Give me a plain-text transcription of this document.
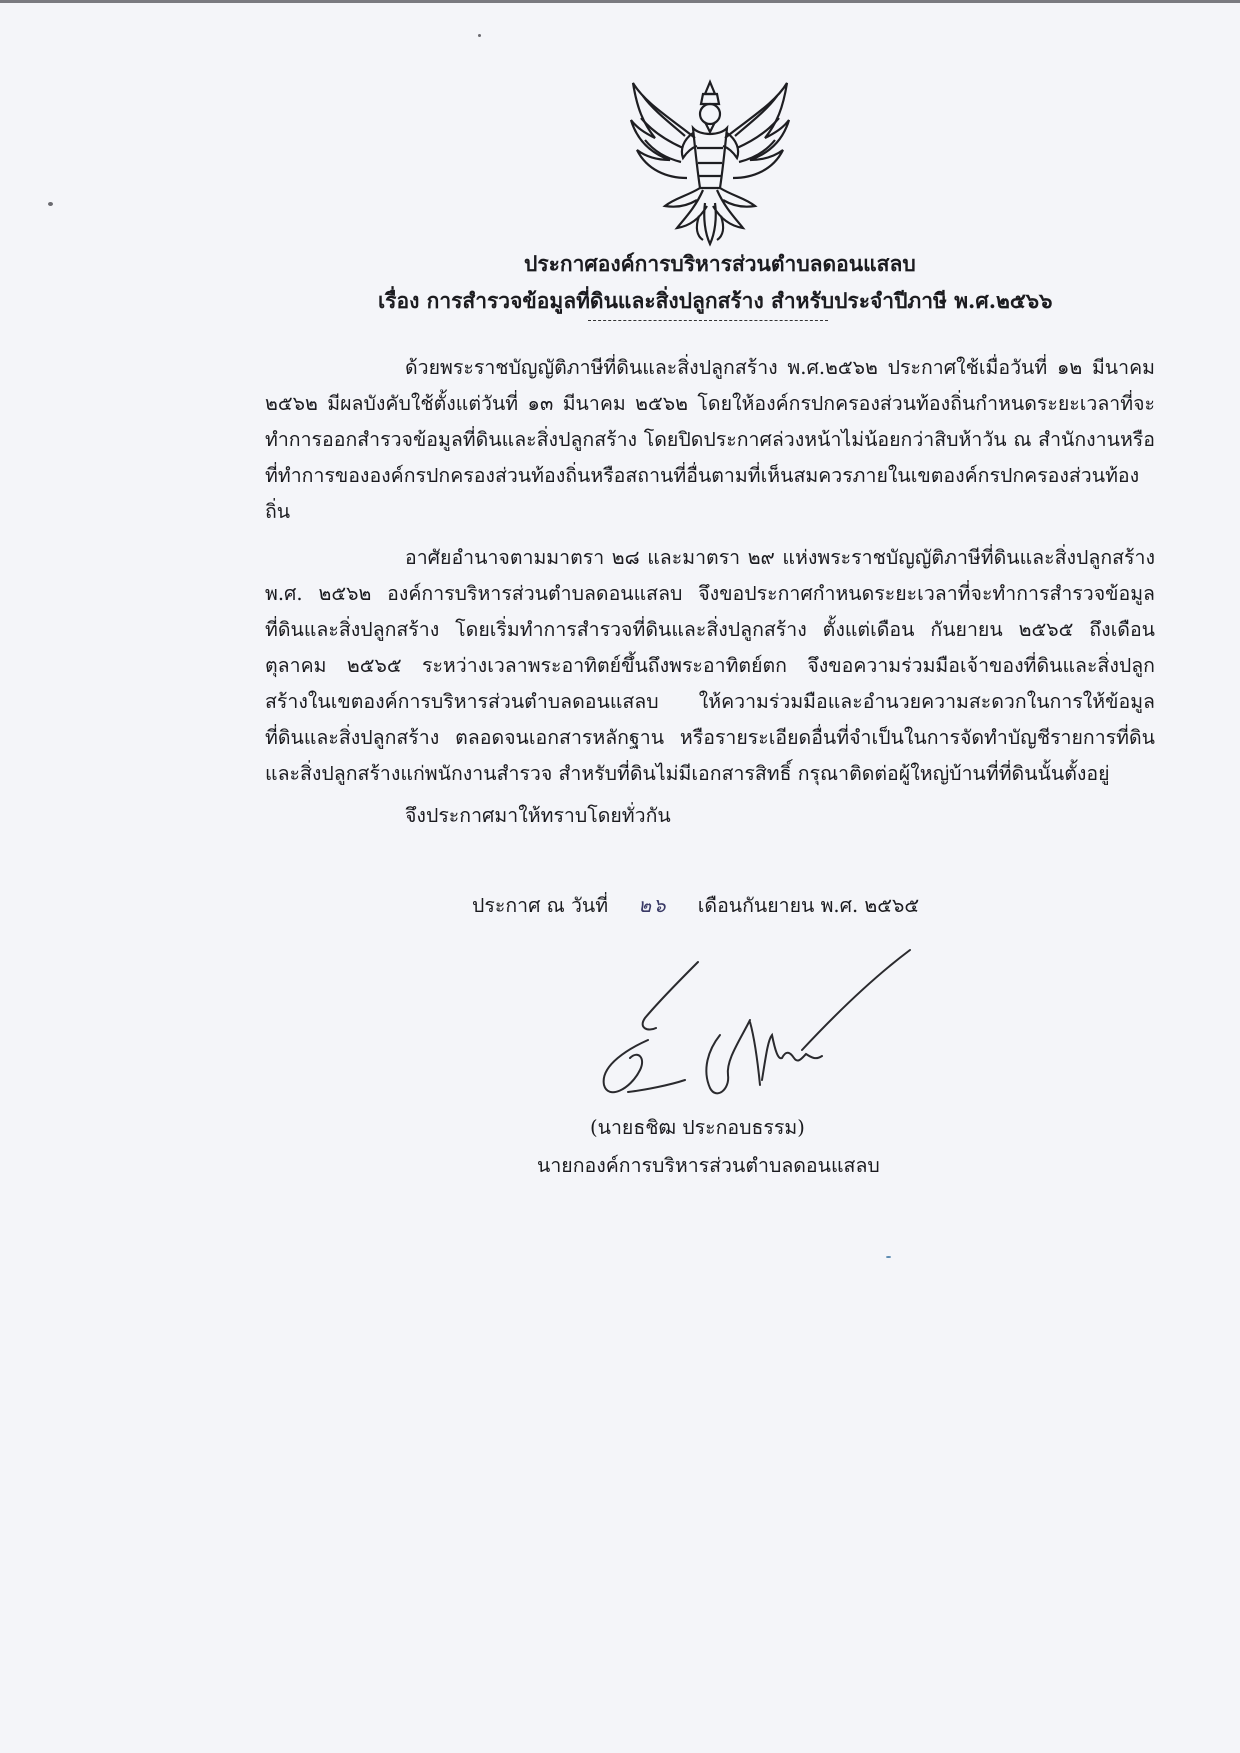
ประกาศองค์การบริหารส่วนตำบลดอนแสลบ
เรื่อง การสำรวจข้อมูลที่ดินและสิ่งปลูกสร้าง สำหรับประจำปีภาษี พ.ศ.๒๕๖๖
ด้วยพระราชบัญญัติภาษีที่ดินและสิ่งปลูกสร้าง พ.ศ.๒๕๖๒ ประกาศใช้เมื่อวันที่ ๑๒ มีนาคม ๒๕๖๒ มีผลบังคับใช้ตั้งแต่วันที่ ๑๓ มีนาคม ๒๕๖๒ โดยให้องค์กรปกครองส่วนท้องถิ่นกำหนดระยะเวลาที่จะทำการออกสำรวจข้อมูลที่ดินและสิ่งปลูกสร้าง โดยปิดประกาศล่วงหน้าไม่น้อยกว่าสิบห้าวัน ณ สำนักงานหรือที่ทำการขององค์กรปกครองส่วนท้องถิ่นหรือสถานที่อื่นตามที่เห็นสมควรภายในเขตองค์กรปกครองส่วนท้องถิ่น
อาศัยอำนาจตามมาตรา ๒๘ และมาตรา ๒๙ แห่งพระราชบัญญัติภาษีที่ดินและสิ่งปลูกสร้าง พ.ศ. ๒๕๖๒ องค์การบริหารส่วนตำบลดอนแสลบ จึงขอประกาศกำหนดระยะเวลาที่จะทำการสำรวจข้อมูลที่ดินและสิ่งปลูกสร้าง โดยเริ่มทำการสำรวจที่ดินและสิ่งปลูกสร้าง ตั้งแต่เดือน กันยายน ๒๕๖๕ ถึงเดือนตุลาคม ๒๕๖๕ ระหว่างเวลาพระอาทิตย์ขึ้นถึงพระอาทิตย์ตก จึงขอความร่วมมือเจ้าของที่ดินและสิ่งปลูกสร้างในเขตองค์การบริหารส่วนตำบลดอนแสลบ ให้ความร่วมมือและอำนวยความสะดวกในการให้ข้อมูลที่ดินและสิ่งปลูกสร้าง ตลอดจนเอกสารหลักฐาน หรือรายระเอียดอื่นที่จำเป็นในการจัดทำบัญชีรายการที่ดินและสิ่งปลูกสร้างแก่พนักงานสำรวจ สำหรับที่ดินไม่มีเอกสารสิทธิ์ กรุณาติดต่อผู้ใหญ่บ้านที่ที่ดินนั้นตั้งอยู่
จึงประกาศมาให้ทราบโดยทั่วกัน
ประกาศ ณ วันที่ ๒๖ เดือนกันยายน พ.ศ. ๒๕๖๕
(นายธชิฒ ประกอบธรรม)
นายกองค์การบริหารส่วนตำบลดอนแสลบ
